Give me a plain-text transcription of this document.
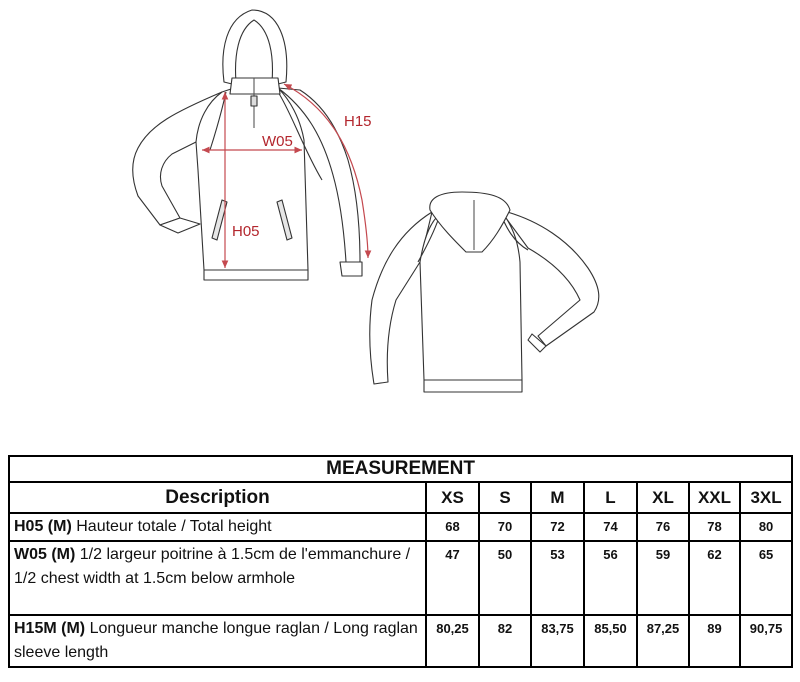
H05
W05
H15
MEASUREMENT							
Description	XS	S	M	L	XL	XXL	3XL
H05 (M) Hauteur totale / Total height	68	70	72	74	76	78	80
W05 (M) 1/2 largeur poitrine à 1.5cm de l'emmanchure / 1/2 chest width at 1.5cm below armhole	47	50	53	56	59	62	65
H15M (M) Longueur manche longue raglan / Long raglan sleeve length	80,25	82	83,75	85,50	87,25	89	90,75
